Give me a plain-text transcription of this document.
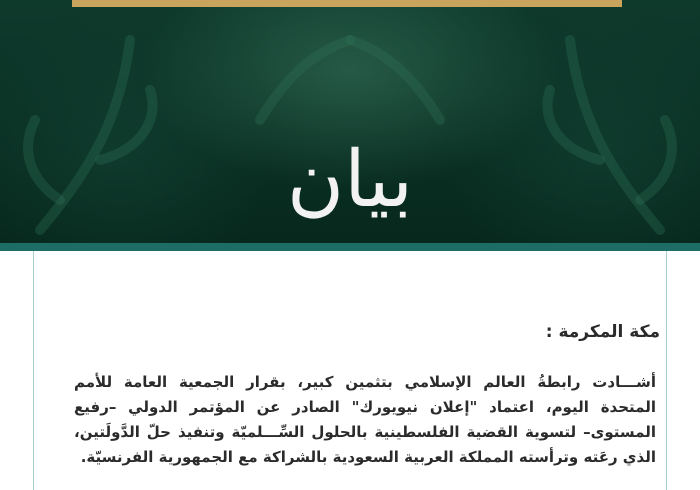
بيان

مكة المكرمة :

أشـــادت رابطةُ العالم الإسلامي بتثمين كبير، بقرار الجمعية العامة للأمم المتحدة اليوم، اعتماد "إعلان نيويورك" الصادر عن المؤتمر الدولي –رفيع المستوى– لتسوية القضية الفلسطينية بالحلول السِّـــلميّة وتنفيذ حلّ الدَّولَتين، الذي رعَته وترأسته المملكة العربية السعودية بالشراكة مع الجمهورية الفرنسيّة.
